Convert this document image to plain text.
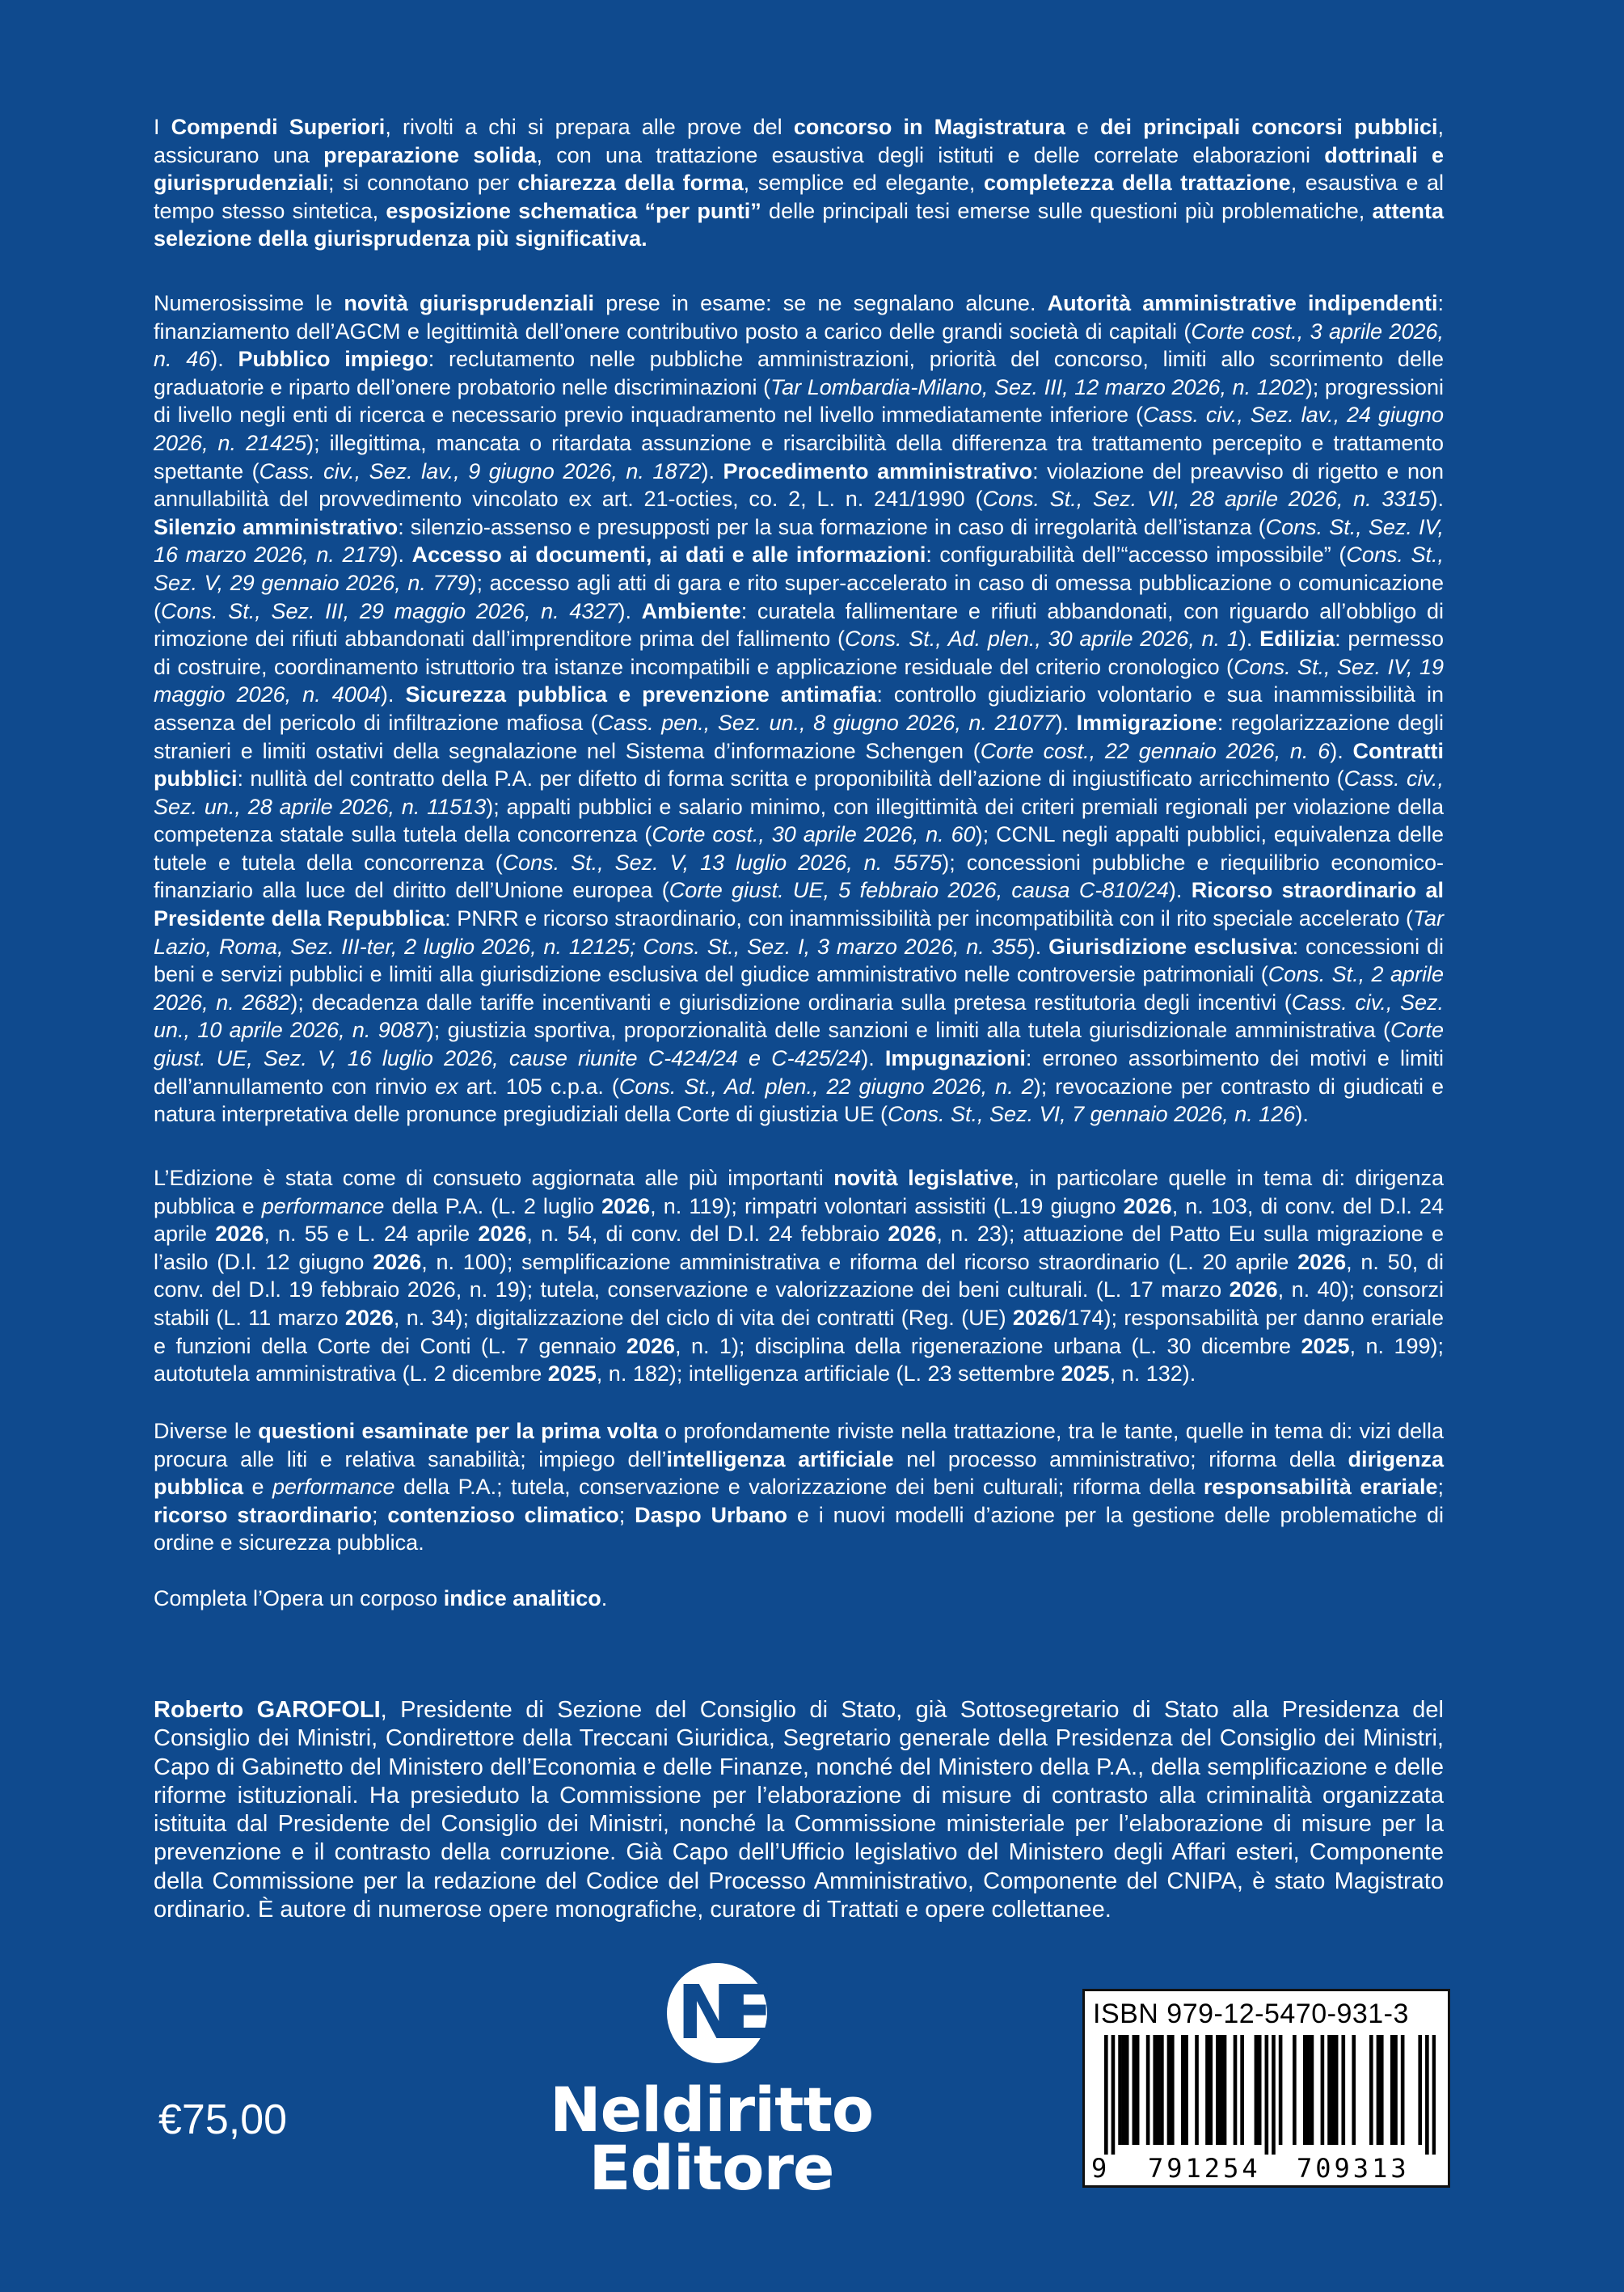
I Compendi Superiori, rivolti a chi si prepara alle prove del concorso in Magistratura e dei principali concorsi pubblici, assicurano una preparazione solida, con una trattazione esaustiva degli istituti e delle correlate elaborazioni dottrinali e giurisprudenziali; si connotano per chiarezza della forma, semplice ed elegante, completezza della trattazione, esaustiva e al tempo stesso sintetica, esposizione schematica “per punti” delle principali tesi emerse sulle questioni più problematiche, attenta selezione della giurisprudenza più significativa.

Numerosissime le novità giurisprudenziali prese in esame: se ne segnalano alcune. Autorità amministrative indipendenti: finanziamento dell’AGCM e legittimità dell’onere contributivo posto a carico delle grandi società di capitali (Corte cost., 3 aprile 2026, n. 46). Pubblico impiego: reclutamento nelle pubbliche amministrazioni, priorità del concorso, limiti allo scorrimento delle graduatorie e riparto dell’onere probatorio nelle discriminazioni (Tar Lombardia-Milano, Sez. III, 12 marzo 2026, n. 1202); progressioni di livello negli enti di ricerca e necessario previo inquadramento nel livello immediatamente inferiore (Cass. civ., Sez. lav., 24 giugno 2026, n. 21425); illegittima, mancata o ritardata assunzione e risarcibilità della differenza tra trattamento percepito e trattamento spettante (Cass. civ., Sez. lav., 9 giugno 2026, n. 1872). Procedimento amministrativo: violazione del preavviso di rigetto e non annullabilità del provvedimento vincolato ex art. 21-octies, co. 2, L. n. 241/1990 (Cons. St., Sez. VII, 28 aprile 2026, n. 3315). Silenzio amministrativo: silenzio-assenso e presupposti per la sua formazione in caso di irregolarità dell’istanza (Cons. St., Sez. IV, 16 marzo 2026, n. 2179). Accesso ai documenti, ai dati e alle informazioni: configurabilità dell’“accesso impossibile” (Cons. St., Sez. V, 29 gennaio 2026, n. 779); accesso agli atti di gara e rito super-accelerato in caso di omessa pubblicazione o comunicazione (Cons. St., Sez. III, 29 maggio 2026, n. 4327). Ambiente: curatela fallimentare e rifiuti abbandonati, con riguardo all’obbligo di rimozione dei rifiuti abbandonati dall’imprenditore prima del fallimento (Cons. St., Ad. plen., 30 aprile 2026, n. 1). Edilizia: permesso di costruire, coordinamento istruttorio tra istanze incompatibili e applicazione residuale del criterio cronologico (Cons. St., Sez. IV, 19 maggio 2026, n. 4004). Sicurezza pubblica e prevenzione antimafia: controllo giudiziario volontario e sua inammissibilità in assenza del pericolo di infiltrazione mafiosa (Cass. pen., Sez. un., 8 giugno 2026, n. 21077). Immigrazione: regolarizzazione degli stranieri e limiti ostativi della segnalazione nel Sistema d’informazione Schengen (Corte cost., 22 gennaio 2026, n. 6). Contratti pubblici: nullità del contratto della P.A. per difetto di forma scritta e proponibilità dell’azione di ingiustificato arricchimento (Cass. civ., Sez. un., 28 aprile 2026, n. 11513); appalti pubblici e salario minimo, con illegittimità dei criteri premiali regionali per violazione della competenza statale sulla tutela della concorrenza (Corte cost., 30 aprile 2026, n. 60); CCNL negli appalti pubblici, equivalenza delle tutele e tutela della concorrenza (Cons. St., Sez. V, 13 luglio 2026, n. 5575); concessioni pubbliche e riequilibrio economico-finanziario alla luce del diritto dell’Unione europea (Corte giust. UE, 5 febbraio 2026, causa C-810/24). Ricorso straordinario al Presidente della Repubblica: PNRR e ricorso straordinario, con inammissibilità per incompatibilità con il rito speciale accelerato (Tar Lazio, Roma, Sez. III-ter, 2 luglio 2026, n. 12125; Cons. St., Sez. I, 3 marzo 2026, n. 355). Giurisdizione esclusiva: concessioni di beni e servizi pubblici e limiti alla giurisdizione esclusiva del giudice amministrativo nelle controversie patrimoniali (Cons. St., 2 aprile 2026, n. 2682); decadenza dalle tariffe incentivanti e giurisdizione ordinaria sulla pretesa restitutoria degli incentivi (Cass. civ., Sez. un., 10 aprile 2026, n. 9087); giustizia sportiva, proporzionalità delle sanzioni e limiti alla tutela giurisdizionale amministrativa (Corte giust. UE, Sez. V, 16 luglio 2026, cause riunite C-424/24 e C-425/24). Impugnazioni: erroneo assorbimento dei motivi e limiti dell’annullamento con rinvio ex art. 105 c.p.a. (Cons. St., Ad. plen., 22 giugno 2026, n. 2); revocazione per contrasto di giudicati e natura interpretativa delle pronunce pregiudiziali della Corte di giustizia UE (Cons. St., Sez. VI, 7 gennaio 2026, n. 126).

L’Edizione è stata come di consueto aggiornata alle più importanti novità legislative, in particolare quelle in tema di: dirigenza pubblica e performance della P.A. (L. 2 luglio 2026, n. 119); rimpatri volontari assistiti (L.19 giugno 2026, n. 103, di conv. del D.l. 24 aprile 2026, n. 55 e L. 24 aprile 2026, n. 54, di conv. del D.l. 24 febbraio 2026, n. 23); attuazione del Patto Eu sulla migrazione e l’asilo (D.l. 12 giugno 2026, n. 100); semplificazione amministrativa e riforma del ricorso straordinario (L. 20 aprile 2026, n. 50, di conv. del D.l. 19 febbraio 2026, n. 19); tutela, conservazione e valorizzazione dei beni culturali. (L. 17 marzo 2026, n. 40); consorzi stabili (L. 11 marzo 2026, n. 34); digitalizzazione del ciclo di vita dei contratti (Reg. (UE) 2026/174); responsabilità per danno erariale e funzioni della Corte dei Conti (L. 7 gennaio 2026, n. 1); disciplina della rigenerazione urbana (L. 30 dicembre 2025, n. 199); autotutela amministrativa (L. 2 dicembre 2025, n. 182); intelligenza artificiale (L. 23 settembre 2025, n. 132).

Diverse le questioni esaminate per la prima volta o profondamente riviste nella trattazione, tra le tante, quelle in tema di: vizi della procura alle liti e relativa sanabilità; impiego dell’intelligenza artificiale nel processo amministrativo; riforma della dirigenza pubblica e performance della P.A.; tutela, conservazione e valorizzazione dei beni culturali; riforma della responsabilità erariale; ricorso straordinario; contenzioso climatico; Daspo Urbano e i nuovi modelli d’azione per la gestione delle problematiche di ordine e sicurezza pubblica.

Completa l’Opera un corposo indice analitico.

Roberto GAROFOLI, Presidente di Sezione del Consiglio di Stato, già Sottosegretario di Stato alla Presidenza del Consiglio dei Ministri, Condirettore della Treccani Giuridica, Segretario generale della Presidenza del Consiglio dei Ministri, Capo di Gabinetto del Ministero dell’Economia e delle Finanze, nonché del Ministero della P.A., della semplificazione e delle riforme istituzionali. Ha presieduto la Commissione per l’elaborazione di misure di contrasto alla criminalità organizzata istituita dal Presidente del Consiglio dei Ministri, nonché la Commissione ministeriale per l’elaborazione di misure per la prevenzione e il contrasto della corruzione. Già Capo dell’Ufficio legislativo del Ministero degli Affari esteri, Componente della Commissione per la redazione del Codice del Processo Amministrativo, Componente del CNIPA, è stato Magistrato ordinario. È autore di numerose opere monografiche, curatore di Trattati e opere collettanee.

€75,00
NE
Neldiritto
Editore
ISBN 979-12-5470-931-3
9 791254 709313
